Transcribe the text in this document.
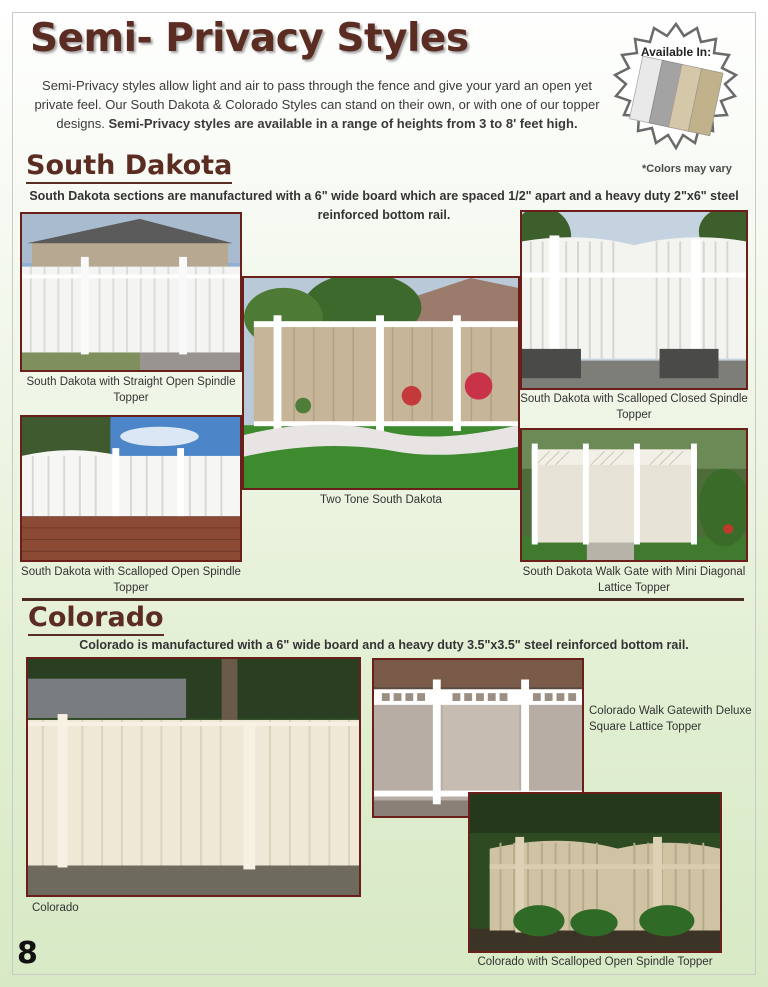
Semi- Privacy Styles
Semi-Privacy styles allow light and air to pass through the fence and give your yard an open yet private feel. Our South Dakota & Colorado Styles can stand on their own, or with one of our topper designs. Semi-Privacy styles are available in a range of heights from 3 to 8' feet high.
Available In:
*Colors may vary
South Dakota
South Dakota sections are manufactured with a 6" wide board which are spaced 1/2" apart and a heavy duty 2"x6" steel reinforced bottom rail.
South Dakota with Straight Open Spindle Topper
South Dakota with Scalloped Open Spindle Topper
Two Tone South Dakota
South Dakota with Scalloped Closed Spindle Topper
South Dakota Walk Gate with Mini Diagonal Lattice Topper
Colorado
Colorado is manufactured with a 6" wide board and a heavy duty 3.5"x3.5" steel reinforced bottom rail.
Colorado
Colorado Walk Gatewith Deluxe Square Lattice Topper
Colorado with Scalloped Open Spindle Topper
8
